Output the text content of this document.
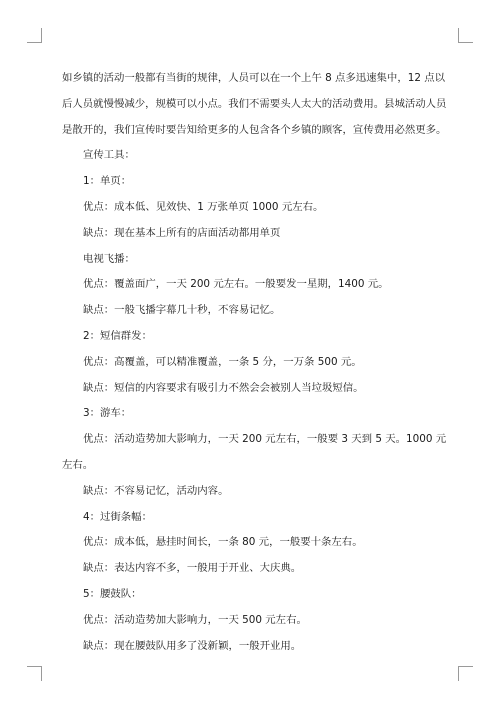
如乡镇的活动一般都有当街的规律，人员可以在一个上午 8 点多迅速集中，12 点以后人员就慢慢减少，规模可以小点。我们不需要头人太大的活动费用。县城活动人员是散开的，我们宣传时要告知给更多的人包含各个乡镇的顾客，宣传费用必然更多。

宣传工具：

1：单页：

优点：成本低、见效快、1 万张单页 1000 元左右。

缺点：现在基本上所有的店面活动都用单页

电视飞播：

优点：覆盖面广，一天 200 元左右。一般要发一星期，1400 元。

缺点：一般飞播字幕几十秒，不容易记忆。

2：短信群发：

优点：高覆盖，可以精准覆盖，一条 5 分，一万条 500 元。

缺点：短信的内容要求有吸引力不然会会被别人当垃圾短信。

3：游车：

优点：活动造势加大影响力，一天 200 元左右，一般要 3 天到 5 天。1000 元左右。

缺点：不容易记忆，活动内容。

4：过街条幅：

优点：成本低，悬挂时间长，一条 80 元，一般要十条左右。

缺点：表达内容不多，一般用于开业、大庆典。

5：腰鼓队：

优点：活动造势加大影响力，一天 500 元左右。

缺点：现在腰鼓队用多了没新颖，一般开业用。
